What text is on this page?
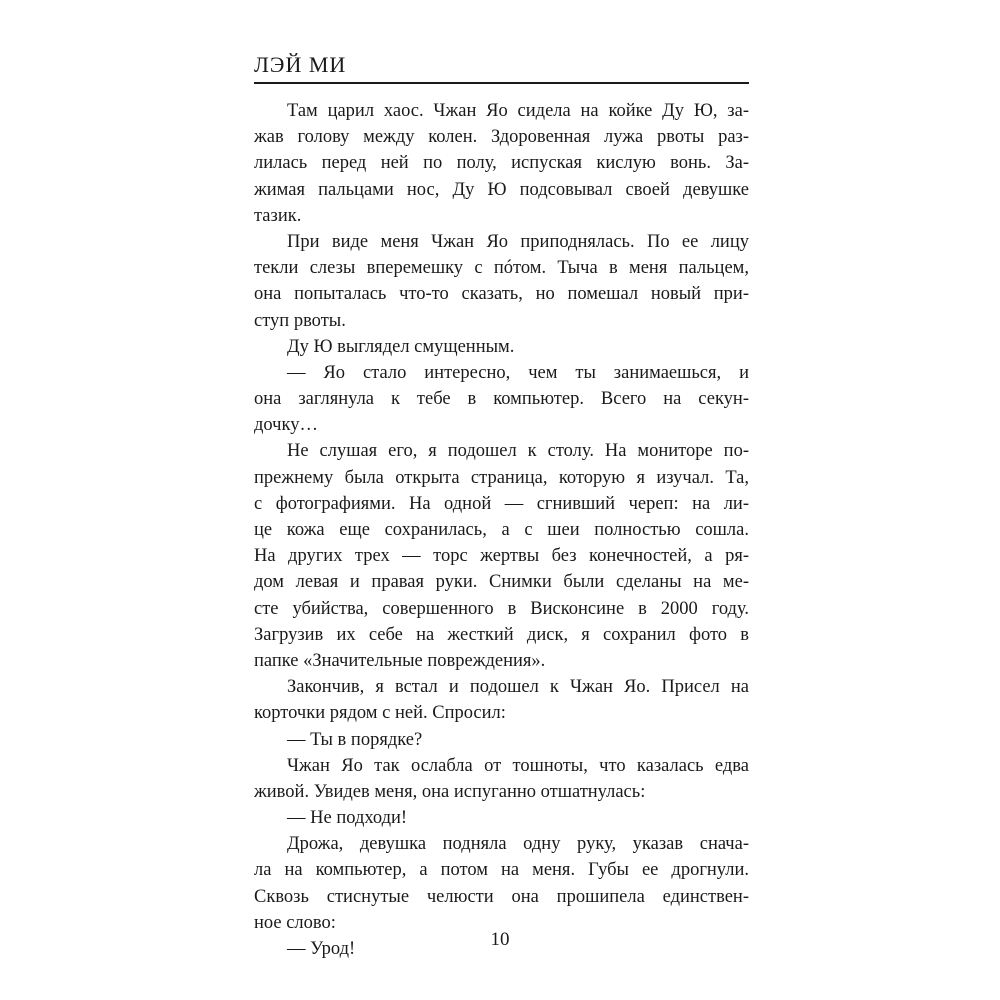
ЛЭЙ МИ

Там царил хаос. Чжан Яо сидела на койке Ду Ю, за-
жав голову между колен. Здоровенная лужа рвоты раз-
лилась перед ней по полу, испуская кислую вонь. За-
жимая пальцами нос, Ду Ю подсовывал своей девушке
тазик.

При виде меня Чжан Яо приподнялась. По ее лицу
текли слезы вперемешку с пóтом. Тыча в меня пальцем,
она попыталась что-то сказать, но помешал новый при-
ступ рвоты.

Ду Ю выглядел смущенным.

— Яо стало интересно, чем ты занимаешься, и
она заглянула к тебе в компьютер. Всего на секун-
дочку…

Не слушая его, я подошел к столу. На мониторе по-
прежнему была открыта страница, которую я изучал. Та,
с фотографиями. На одной — сгнивший череп: на ли-
це кожа еще сохранилась, а с шеи полностью сошла.
На других трех — торс жертвы без конечностей, а ря-
дом левая и правая руки. Снимки были сделаны на ме-
сте убийства, совершенного в Висконсине в 2000 году.
Загрузив их себе на жесткий диск, я сохранил фото в
папке «Значительные повреждения».

Закончив, я встал и подошел к Чжан Яо. Присел на
корточки рядом с ней. Спросил:

— Ты в порядке?

Чжан Яо так ослабла от тошноты, что казалась едва
живой. Увидев меня, она испуганно отшатнулась:

— Не подходи!

Дрожа, девушка подняла одну руку, указав снача-
ла на компьютер, а потом на меня. Губы ее дрогнули.
Сквозь стиснутые челюсти она прошипела единствен-
ное слово:

— Урод!	10
